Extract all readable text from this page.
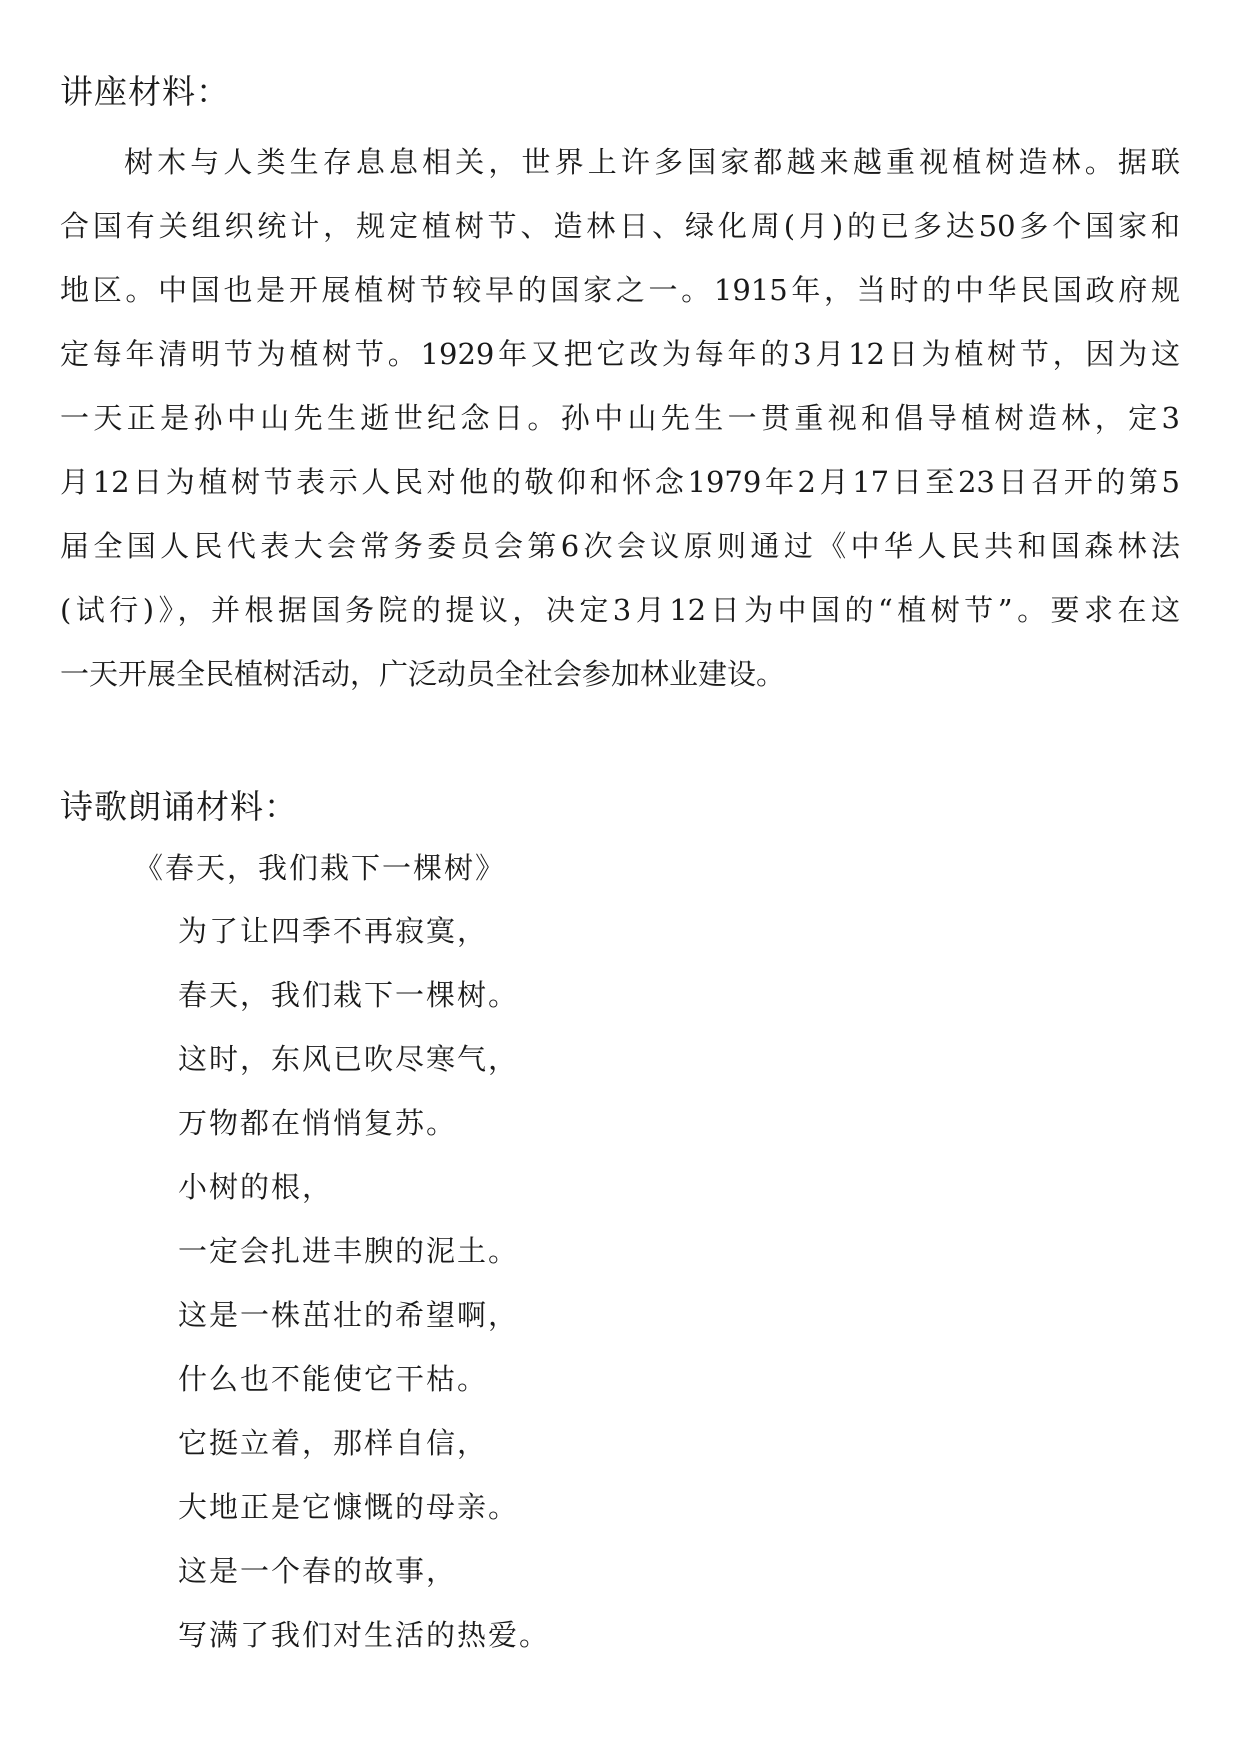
讲座材料：
树木与人类生存息息相关，世界上许多国家都越来越重视植树造林。据联
合国有关组织统计，规定植树节、造林日、绿化周(月)的已多达50多个国家和
地区。中国也是开展植树节较早的国家之一。1915年，当时的中华民国政府规
定每年清明节为植树节。1929年又把它改为每年的3月12日为植树节，因为这
一天正是孙中山先生逝世纪念日。孙中山先生一贯重视和倡导植树造林，定3
月12日为植树节表示人民对他的敬仰和怀念1979年2月17日至23日召开的第5
届全国人民代表大会常务委员会第6次会议原则通过《中华人民共和国森林法
(试行)》，并根据国务院的提议，决定3月12日为中国的“植树节”。要求在这
一天开展全民植树活动，广泛动员全社会参加林业建设。
诗歌朗诵材料：

《春天，我们栽下一棵树》

为了让四季不再寂寞，
春天，我们栽下一棵树。
这时，东风已吹尽寒气，
万物都在悄悄复苏。
小树的根，
一定会扎进丰腴的泥土。
这是一株茁壮的希望啊，
什么也不能使它干枯。
它挺立着，那样自信，
大地正是它慷慨的母亲。
这是一个春的故事，
写满了我们对生活的热爱。
